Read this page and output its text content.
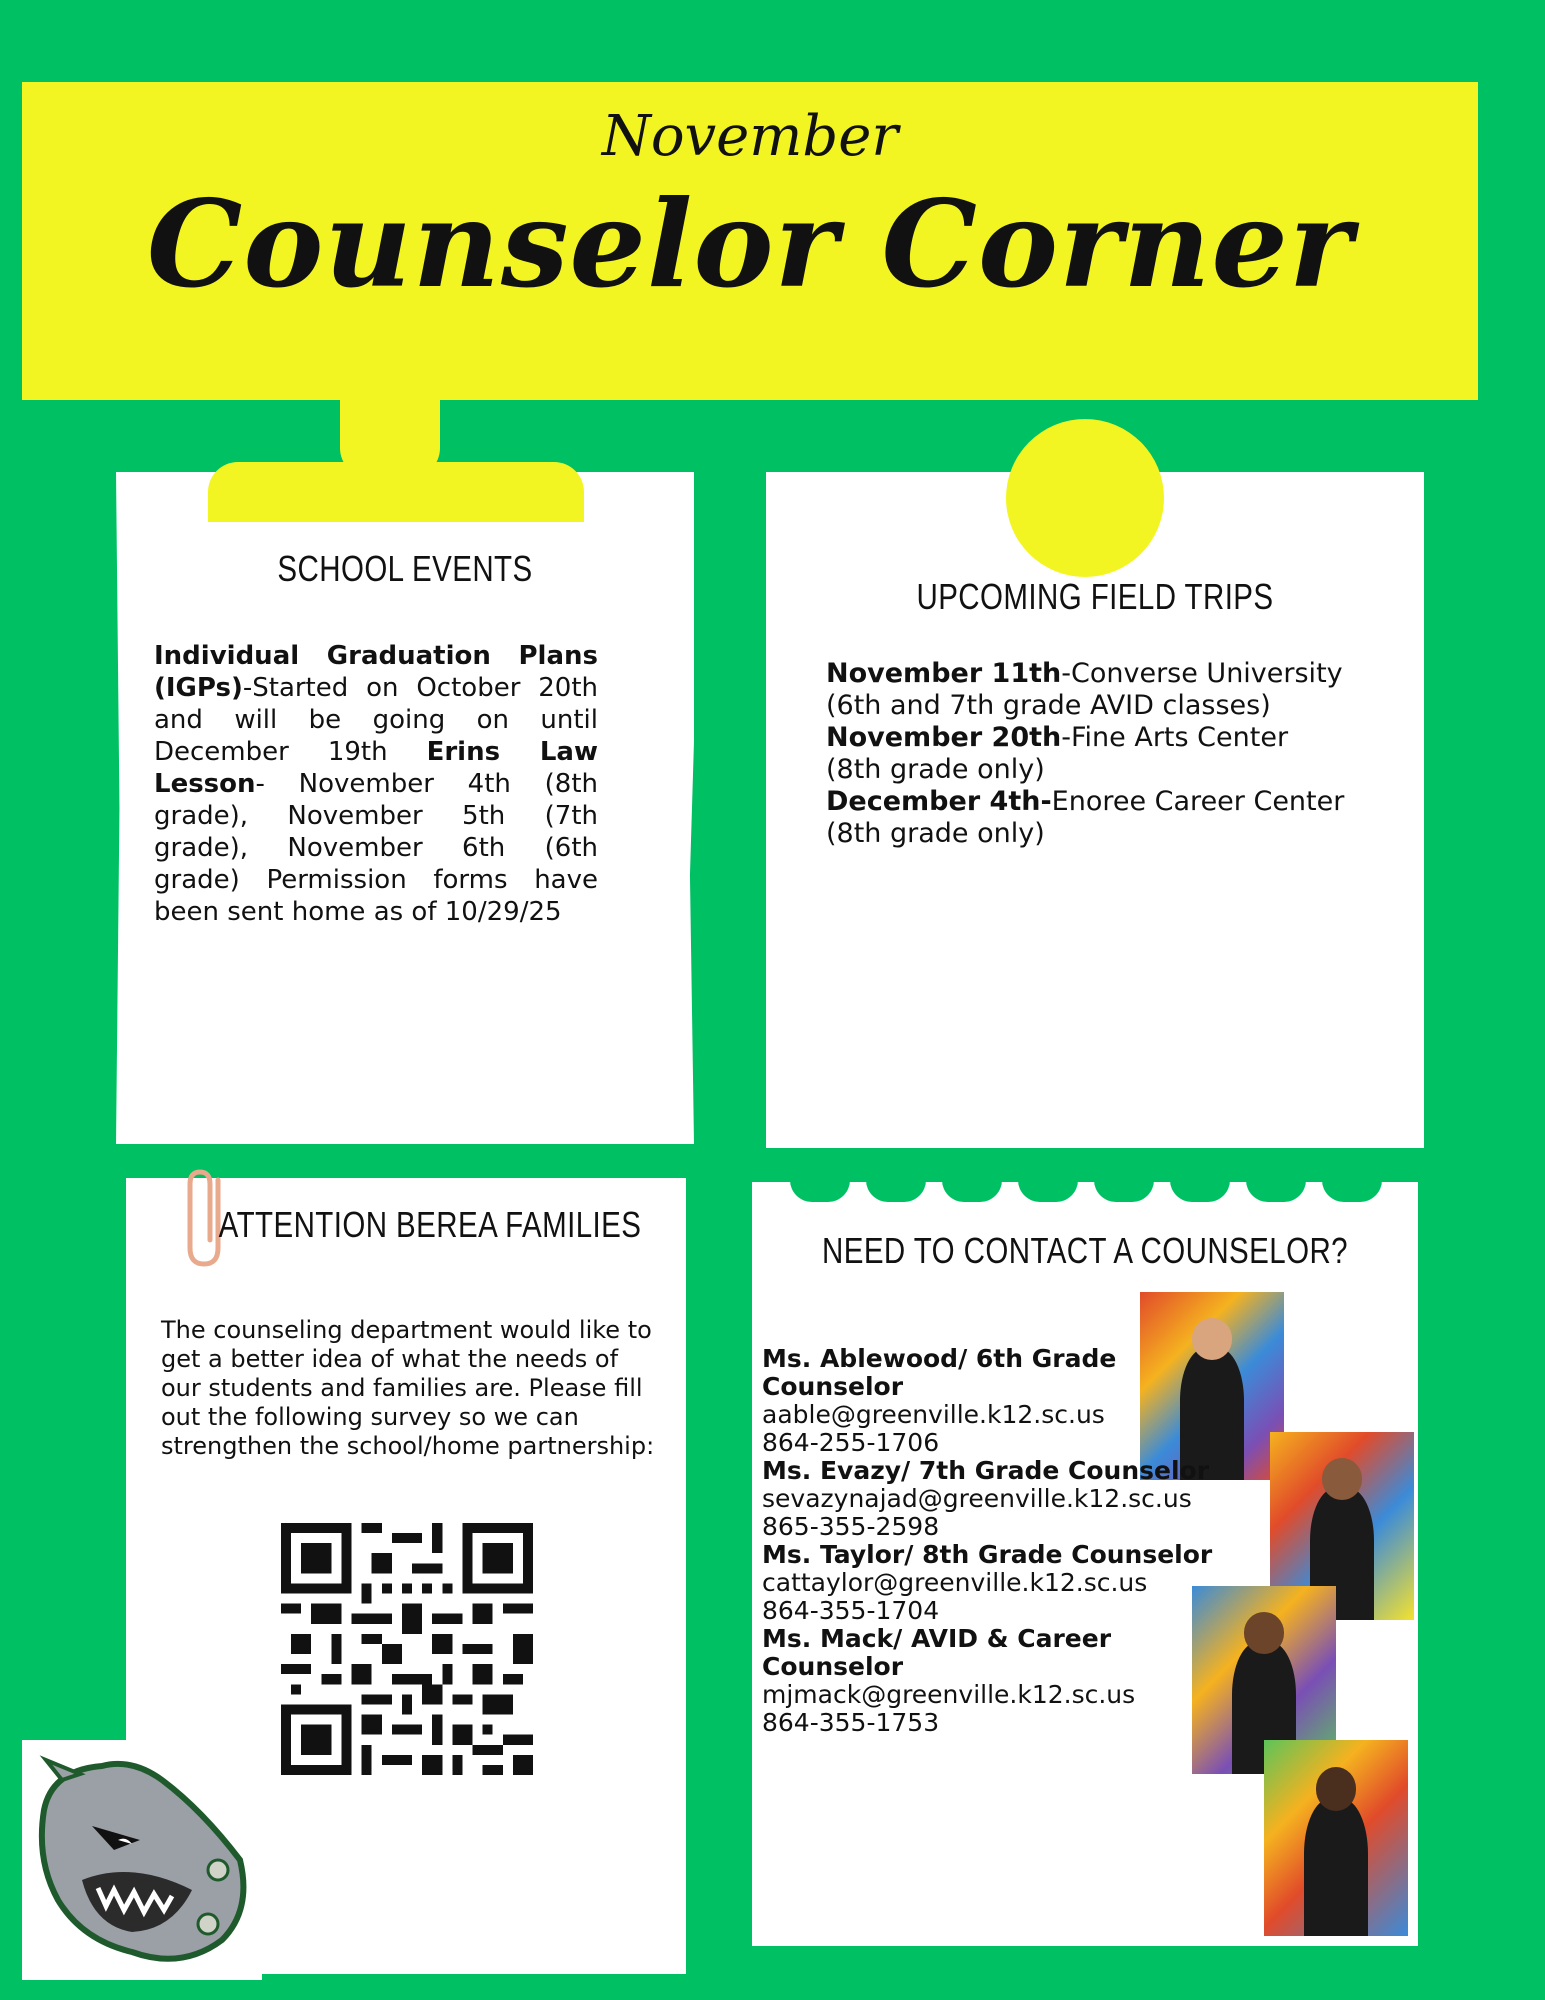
November
Counselor Corner
SCHOOL EVENTS
Individual Graduation Plans (IGPs)-Started on October 20th and will be going on until December 19th Erins Law Lesson- November 4th (8th grade), November 5th (7th grade), November 6th (6th grade) Permission forms have been sent home as of 10/29/25
UPCOMING FIELD TRIPS
November 11th-Converse University (6th and 7th grade AVID classes)
November 20th-Fine Arts Center (8th grade only)
December 4th-Enoree Career Center (8th grade only)
ATTENTION BEREA FAMILIES
The counseling department would like to get a better idea of what the needs of our students and families are. Please fill out the following survey so we can strengthen the school/home partnership:
NEED TO CONTACT A COUNSELOR?
Ms. Ablewood/ 6th Grade Counselor
aable@greenville.k12.sc.us
864-255-1706
Ms. Evazy/ 7th Grade Counselor
sevazynajad@greenville.k12.sc.us
865-355-2598
Ms. Taylor/ 8th Grade Counselor
cattaylor@greenville.k12.sc.us
864-355-1704
Ms. Mack/ AVID & Career Counselor
mjmack@greenville.k12.sc.us
864-355-1753
